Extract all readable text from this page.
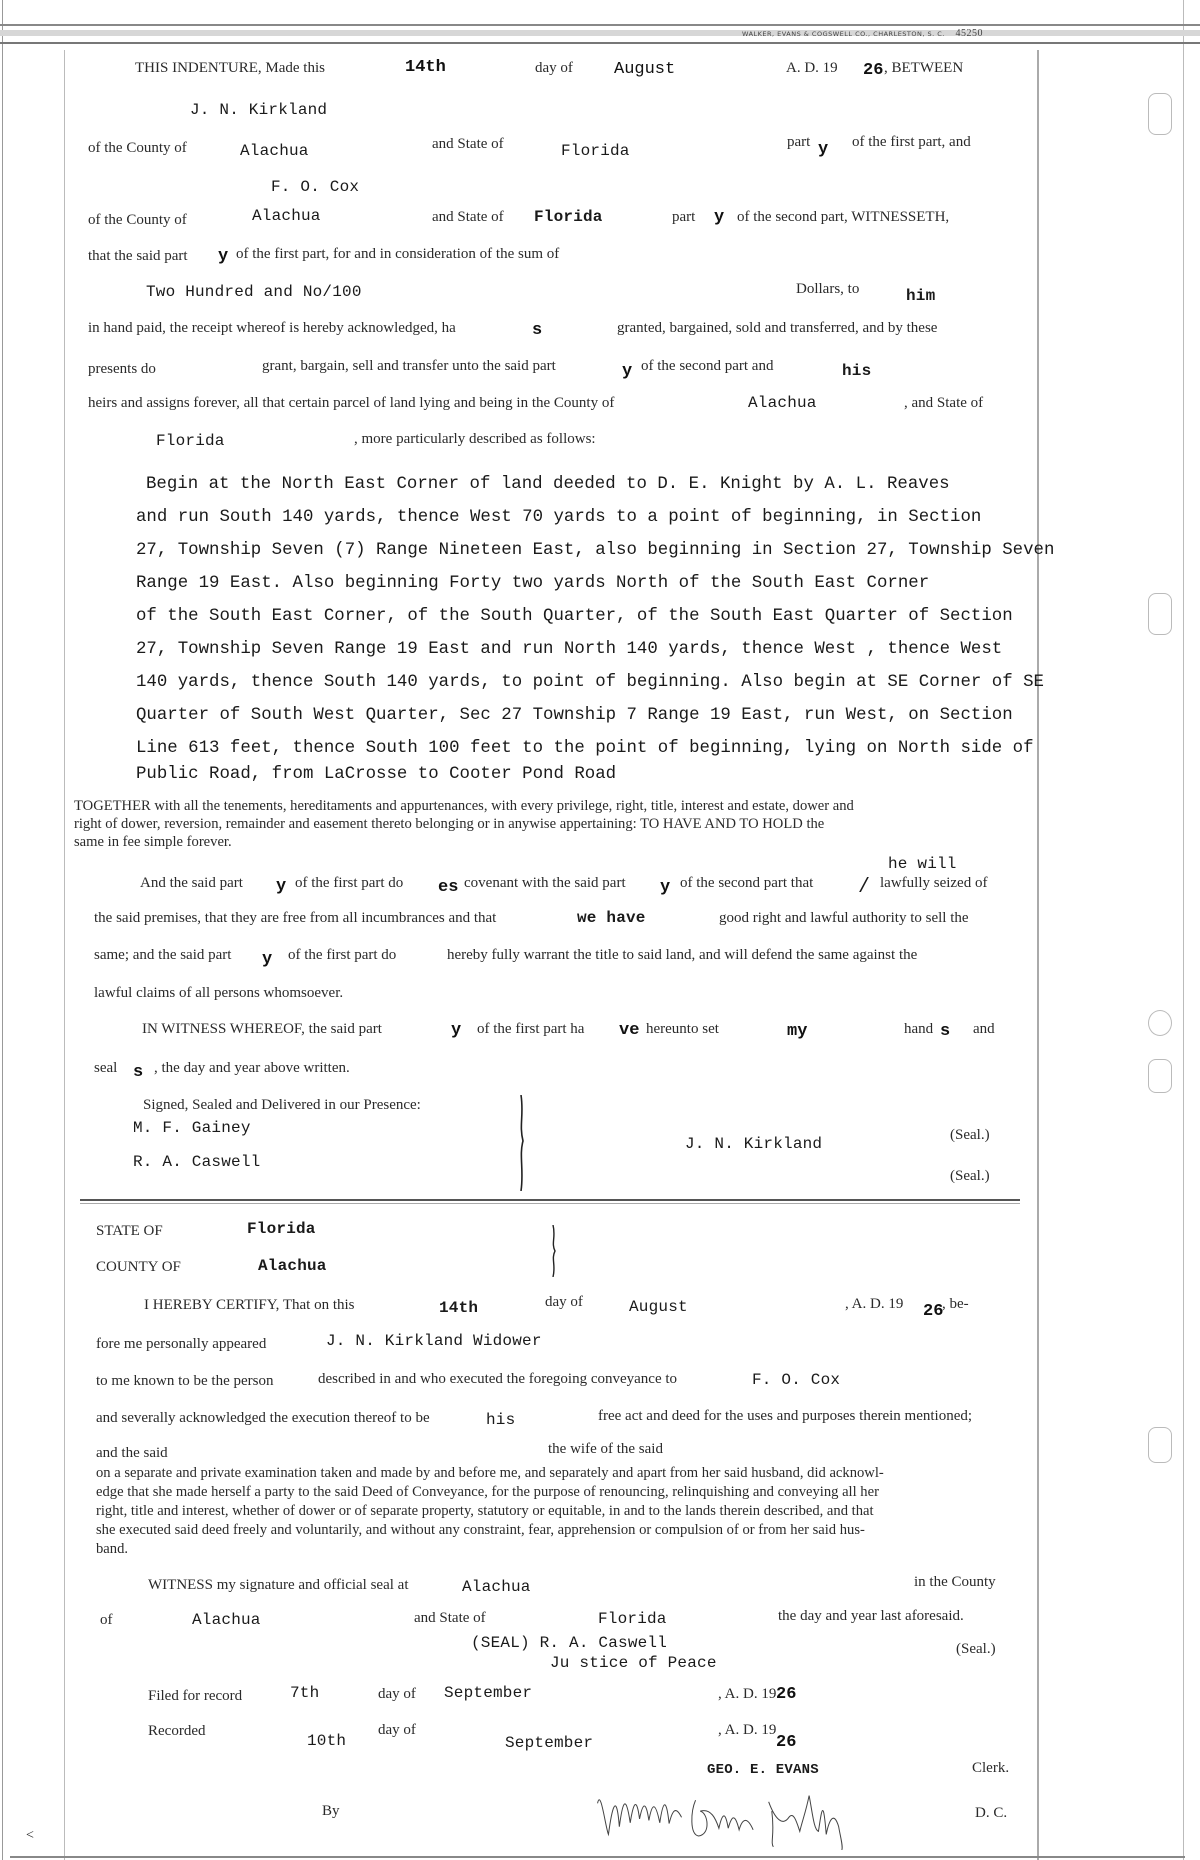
WALKER, EVANS & COGSWELL CO., CHARLESTON, S. C. 45250
THIS INDENTURE, Made this	14th	day of August	A. D. 19 26 , BETWEEN
J. N. Kirkland
of the County of	Alachua	and State of	Florida	part y of the first part, and
F. O. Cox
of the County of	Alachua	and State of Florida	part y of the second part, WITNESSETH,
that the said part y of the first part, for and in consideration of the sum of
Two Hundred and No/100	Dollars, to	him
in hand paid, the receipt whereof is hereby acknowledged, ha	s	granted, bargained, sold and transferred, and by these
presents do	grant, bargain, sell and transfer unto the said part	y of the second part and	his
heirs and assigns forever, all that certain parcel of land lying and being in the County of	Alachua	, and State of
Florida	, more particularly described as follows:
Begin at the North East Corner of land deeded to D. E. Knight by A. L. Reaves
and run South 140 yards, thence West 70 yards to a point of beginning, in Section
27, Township Seven (7) Range Nineteen East, also beginning in Section 27, Township Seven
Range 19 East. Also beginning Forty two yards North of the South East Corner
of the South East Corner, of the South Quarter, of the South East Quarter of Section
27, Township Seven Range 19 East and run North 140 yards, thence West , thence West
140 yards, thence South 140 yards, to point of beginning. Also begin at SE Corner of SE
Quarter of South West Quarter, Sec 27 Township 7 Range 19 East, run West, on Section
Line 613 feet, thence South 100 feet to the point of beginning, lying on North side of
Public Road, from LaCrosse to Cooter Pond Road
TOGETHER with all the tenements, hereditaments and appurtenances, with every privilege, right, title, interest and estate, dower and
right of dower, reversion, remainder and easement thereto belonging or in anywise appertaining: TO HAVE AND TO HOLD the
same in fee simple forever.
he will
And the said part y of the first part do es covenant with the said part y of the second part that / lawfully seized of
the said premises, that they are free from all incumbrances and that	we have	good right and lawful authority to sell the
same; and the said part y of the first part do	hereby fully warrant the title to said land, and will defend the same against the
lawful claims of all persons whomsoever.
IN WITNESS WHEREOF, the said part	y of the first part ha ve hereunto set	my	hand s and
seal s , the day and year above written.
Signed, Sealed and Delivered in our Presence:
M. F. Gainey
R. A. Caswell
J. N. Kirkland	(Seal.)
(Seal.)
STATE OF	Florida
COUNTY OF	Alachua
I HEREBY CERTIFY, That on this	14th	day of	August	, A. D. 19 26
, be-
fore me personally appeared	J. N. Kirkland Widower
to me known to be the person	described in and who executed the foregoing conveyance to	F. O. Cox
and severally acknowledged the execution thereof to be	his	free act and deed for the uses and purposes therein mentioned;
and the said	the wife of the said
on a separate and private examination taken and made by and before me, and separately and apart from her said husband, did acknowl-
edge that she made herself a party to the said Deed of Conveyance, for the purpose of renouncing, relinquishing and conveying all her
right, title and interest, whether of dower or of separate property, statutory or equitable, in and to the lands therein described, and that
she executed said deed freely and voluntarily, and without any constraint, fear, apprehension or compulsion of or from her said hus-
band.
WITNESS my signature and official seal at	Alachua	in the County
of	Alachua	and State of	Florida	the day and year last aforesaid.
(SEAL) R. A. Caswell
Ju stice of Peace
(Seal.)
Filed for record	7th	day of September	, A. D. 19 26
Recorded
10th
day of
September
, A. D. 19
26
GEO. E. EVANS	Clerk.
By	D. C.
<
